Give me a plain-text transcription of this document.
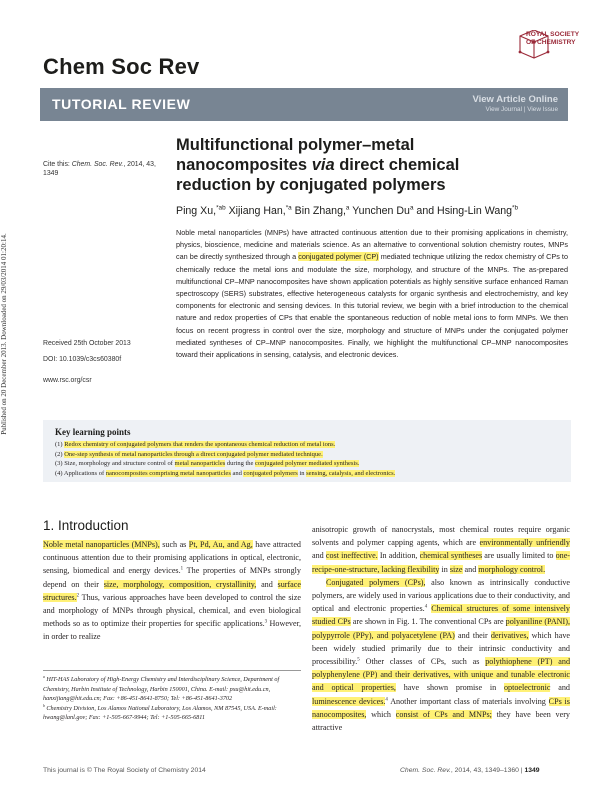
Chem Soc Rev
ROYAL SOCIETY
OF CHEMISTRY
TUTORIAL REVIEW	View Article Online
View Journal | View Issue
Multifunctional polymer–metal nanocomposites via direct chemical reduction by conjugated polymers
Ping Xu,$^{*ab}$ Xijiang Han,$^{*a}$ Bin Zhang,$^a$ Yunchen Du$^a$ and Hsing-Lin Wang$^{*b}$
Cite this: Chem. Soc. Rev., 2014, 43, 1349
Received 25th October 2013
DOI: 10.1039/c3cs60380f
www.rsc.org/csr
Noble metal nanoparticles (MNPs) have attracted continuous attention due to their promising applications in chemistry, physics, bioscience, medicine and materials science. As an alternative to conventional solution chemistry routes, MNPs can be directly synthesized through a conjugated polymer (CP) mediated technique utilizing the redox chemistry of CPs to chemically reduce the metal ions and modulate the size, morphology, and structure of the MNPs. The as-prepared multifunctional CP–MNP nanocomposites have shown application potentials as highly sensitive surface enhanced Raman spectroscopy (SERS) substrates, effective heterogeneous catalysts for organic synthesis and electrochemistry, and key components for electronic and sensing devices. In this tutorial review, we begin with a brief introduction to the chemical nature and redox properties of CPs that enable the spontaneous reduction of noble metal ions to form MNPs. We then focus on recent progress in control over the size, morphology and structure of MNPs under the conjugated polymer mediated syntheses of CP–MNP nanocomposites. Finally, we highlight the multifunctional CP–MNP nanocomposites toward their applications in sensing, catalysis, and electronic devices.
Published on 20 December 2013. Downloaded on 29/03/2014 01:20:14.	Key learning points
(1) Redox chemistry of conjugated polymers that renders the spontaneous chemical reduction of metal ions.
(2) One-step synthesis of metal nanoparticles through a direct conjugated polymer mediated technique.
(3) Size, morphology and structure control of metal nanoparticles during the conjugated polymer mediated synthesis.
(4) Applications of nanocomposites comprising metal nanoparticles and conjugated polymers in sensing, catalysis, and electronics.
1. Introduction

Noble metal nanoparticles (MNPs), such as Pt, Pd, Au, and Ag, have attracted continuous attention due to their promising applications in optical, electronic, sensing, biomedical and energy devices.$^1$ The properties of MNPs strongly depend on their size, morphology, composition, crystallinity, and surface structures.$^2$ Thus, various approaches have been developed to control the size and morphology of MNPs through physical, chemical, and even biological methods so as to optimize their properties for specific applications.$^3$ However, in order to realize

$^a$ HIT-HAS Laboratory of High-Energy Chemistry and Interdisciplinary Science, Department of Chemistry, Harbin Institute of Technology, Harbin 150001, China. E-mail: pxu@hit.edu.cn, hanxijiang@hit.edu.cn; Fax: +86-451-8641-8750; Tel: +86-451-8641-3702

$^b$ Chemistry Division, Los Alamos National Laboratory, Los Alamos, NM 87545, USA. E-mail: hwang@lanl.gov; Fax: +1-505-667-9944; Tel: +1-505-665-6811

anisotropic growth of nanocrystals, most chemical routes require organic solvents and polymer capping agents, which are environmentally unfriendly and cost ineffective. In addition, chemical syntheses are usually limited to one-recipe-one-structure, lacking flexibility in size and morphology control.

Conjugated polymers (CPs), also known as intrinsically conductive polymers, are widely used in various applications due to their conductivity, and optical and electronic properties.$^4$ Chemical structures of some intensively studied CPs are shown in Fig. 1. The conventional CPs are polyaniline (PANI), polypyrrole (PPy), and polyacetylene (PA) and their derivatives, which have been widely studied primarily due to their intrinsic conductivity and processibility.$^5$ Other classes of CPs, such as polythiophene (PT) and polyphenylene (PP) and their derivatives, with unique and tunable electronic and optical properties, have shown promise in optoelectronic and luminescence devices.$^4$ Another important class of materials involving CPs is nanocomposites, which consist of CPs and MNPs; they have been very attractive

This journal is © The Royal Society of Chemistry 2014	Chem. Soc. Rev., 2014, 43, 1349–1360 | 1349
